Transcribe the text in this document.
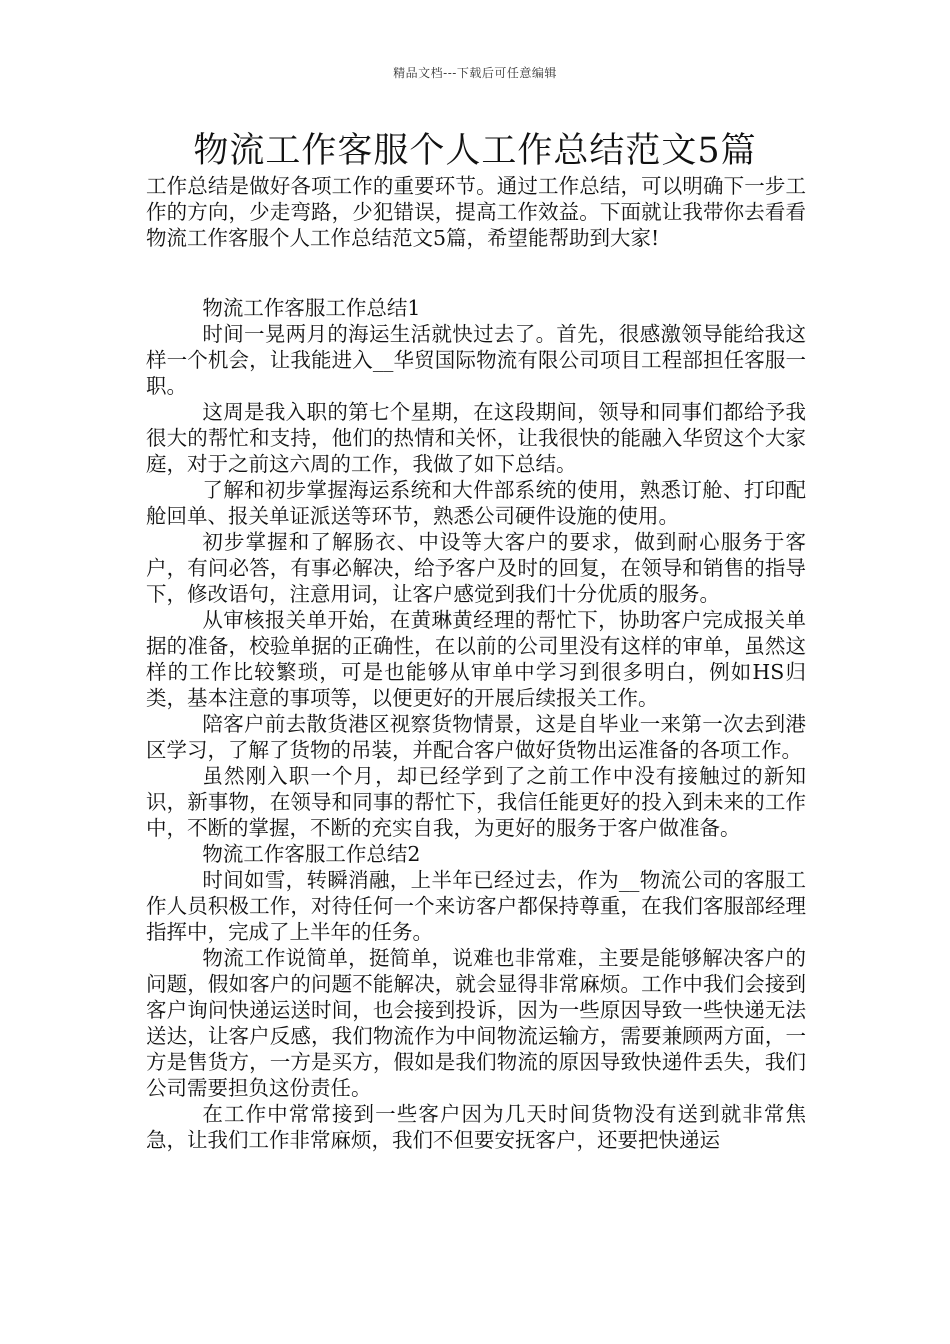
精品文档---下载后可任意编辑
物流工作客服个人工作总结范文5篇

工作总结是做好各项工作的重要环节。通过工作总结，可以明确下一步工作的方向，少走弯路，少犯错误，提高工作效益。下面就让我带你去看看物流工作客服个人工作总结范文5篇，希望能帮助到大家!

物流工作客服工作总结1

时间一晃两月的海运生活就快过去了。首先，很感激领导能给我这样一个机会，让我能进入__华贸国际物流有限公司项目工程部担任客服一职。

这周是我入职的第七个星期，在这段期间，领导和同事们都给予我很大的帮忙和支持，他们的热情和关怀，让我很快的能融入华贸这个大家庭，对于之前这六周的工作，我做了如下总结。

了解和初步掌握海运系统和大件部系统的使用，熟悉订舱、打印配舱回单、报关单证派送等环节，熟悉公司硬件设施的使用。

初步掌握和了解肠衣、中设等大客户的要求，做到耐心服务于客户，有问必答，有事必解决，给予客户及时的回复，在领导和销售的指导下，修改语句，注意用词，让客户感觉到我们十分优质的服务。

从审核报关单开始，在黄琳黄经理的帮忙下，协助客户完成报关单据的准备，校验单据的正确性，在以前的公司里没有这样的审单，虽然这样的工作比较繁琐，可是也能够从审单中学习到很多明白，例如HS归类，基本注意的事项等，以便更好的开展后续报关工作。

陪客户前去散货港区视察货物情景，这是自毕业一来第一次去到港区学习，了解了货物的吊装，并配合客户做好货物出运准备的各项工作。

虽然刚入职一个月，却已经学到了之前工作中没有接触过的新知识，新事物，在领导和同事的帮忙下，我信任能更好的投入到未来的工作中，不断的掌握，不断的充实自我，为更好的服务于客户做准备。

物流工作客服工作总结2

时间如雪，转瞬消融，上半年已经过去，作为__物流公司的客服工作人员积极工作，对待任何一个来访客户都保持尊重，在我们客服部经理指挥中，完成了上半年的任务。

物流工作说简单，挺简单，说难也非常难，主要是能够解决客户的问题，假如客户的问题不能解决，就会显得非常麻烦。工作中我们会接到客户询问快递运送时间，也会接到投诉，因为一些原因导致一些快递无法送达，让客户反感，我们物流作为中间物流运输方，需要兼顾两方面，一方是售货方，一方是买方，假如是我们物流的原因导致快递件丢失，我们公司需要担负这份责任。

在工作中常常接到一些客户因为几天时间货物没有送到就非常焦急，让我们工作非常麻烦，我们不但要安抚客户，还要把快递运
